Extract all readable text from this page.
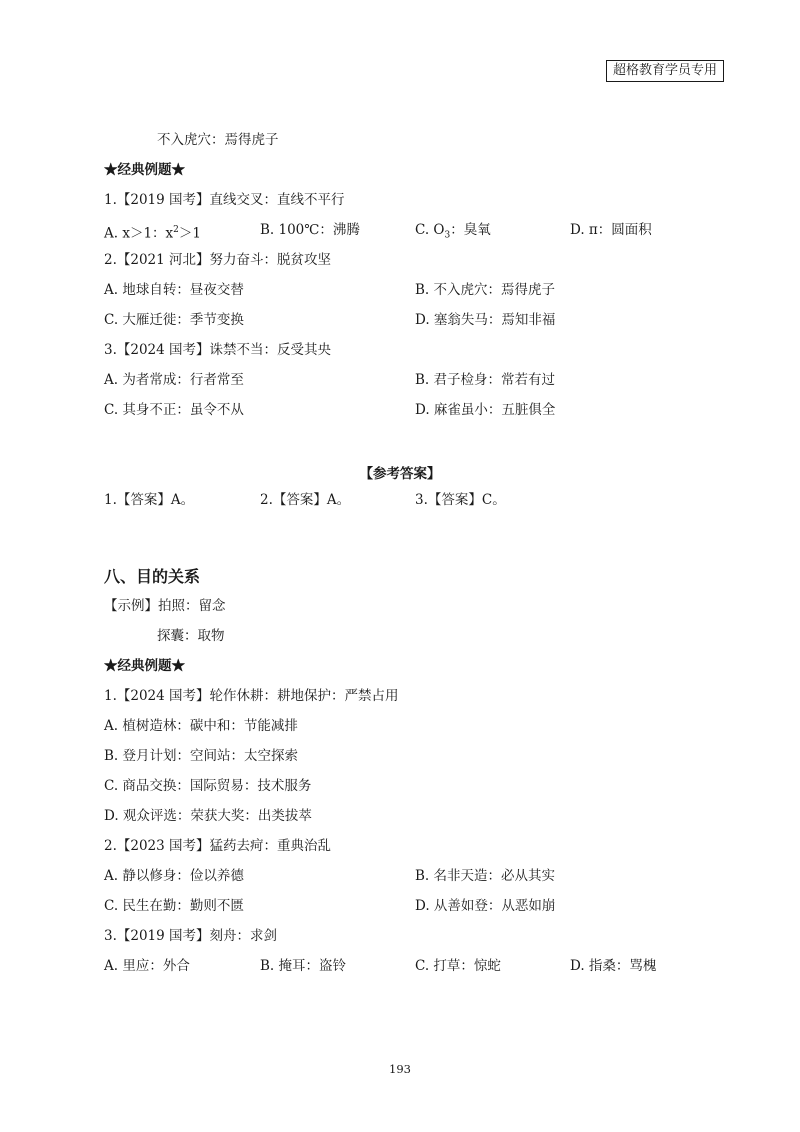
超格教育学员专用
不入虎穴：焉得虎子
★经典例题★
1.【2019 国考】直线交叉：直线不平行
A. x＞1：$x^2>1$	B. 100℃：沸腾	C. $O_3$：臭氧	D. π：圆面积
2.【2021 河北】努力奋斗：脱贫攻坚
A. 地球自转：昼夜交替	B. 不入虎穴：焉得虎子
C. 大雁迁徙：季节变换	D. 塞翁失马：焉知非福
3.【2024 国考】诛禁不当：反受其央
A. 为者常成：行者常至	B. 君子检身：常若有过
C. 其身不正：虽令不从	D. 麻雀虽小：五脏俱全
【参考答案】
1.【答案】A。	2.【答案】A。	3.【答案】C。
八、目的关系
【示例】拍照：留念
探囊：取物
★经典例题★
1.【2024 国考】轮作休耕：耕地保护：严禁占用
A. 植树造林：碳中和：节能减排
B. 登月计划：空间站：太空探索
C. 商品交换：国际贸易：技术服务
D. 观众评选：荣获大奖：出类拔萃
2.【2023 国考】猛药去疴：重典治乱
A. 静以修身：俭以养德	B. 名非天造：必从其实
C. 民生在勤：勤则不匮	D. 从善如登：从恶如崩
3.【2019 国考】刻舟：求剑
A. 里应：外合	B. 掩耳：盗铃	C. 打草：惊蛇	D. 指桑：骂槐
193
